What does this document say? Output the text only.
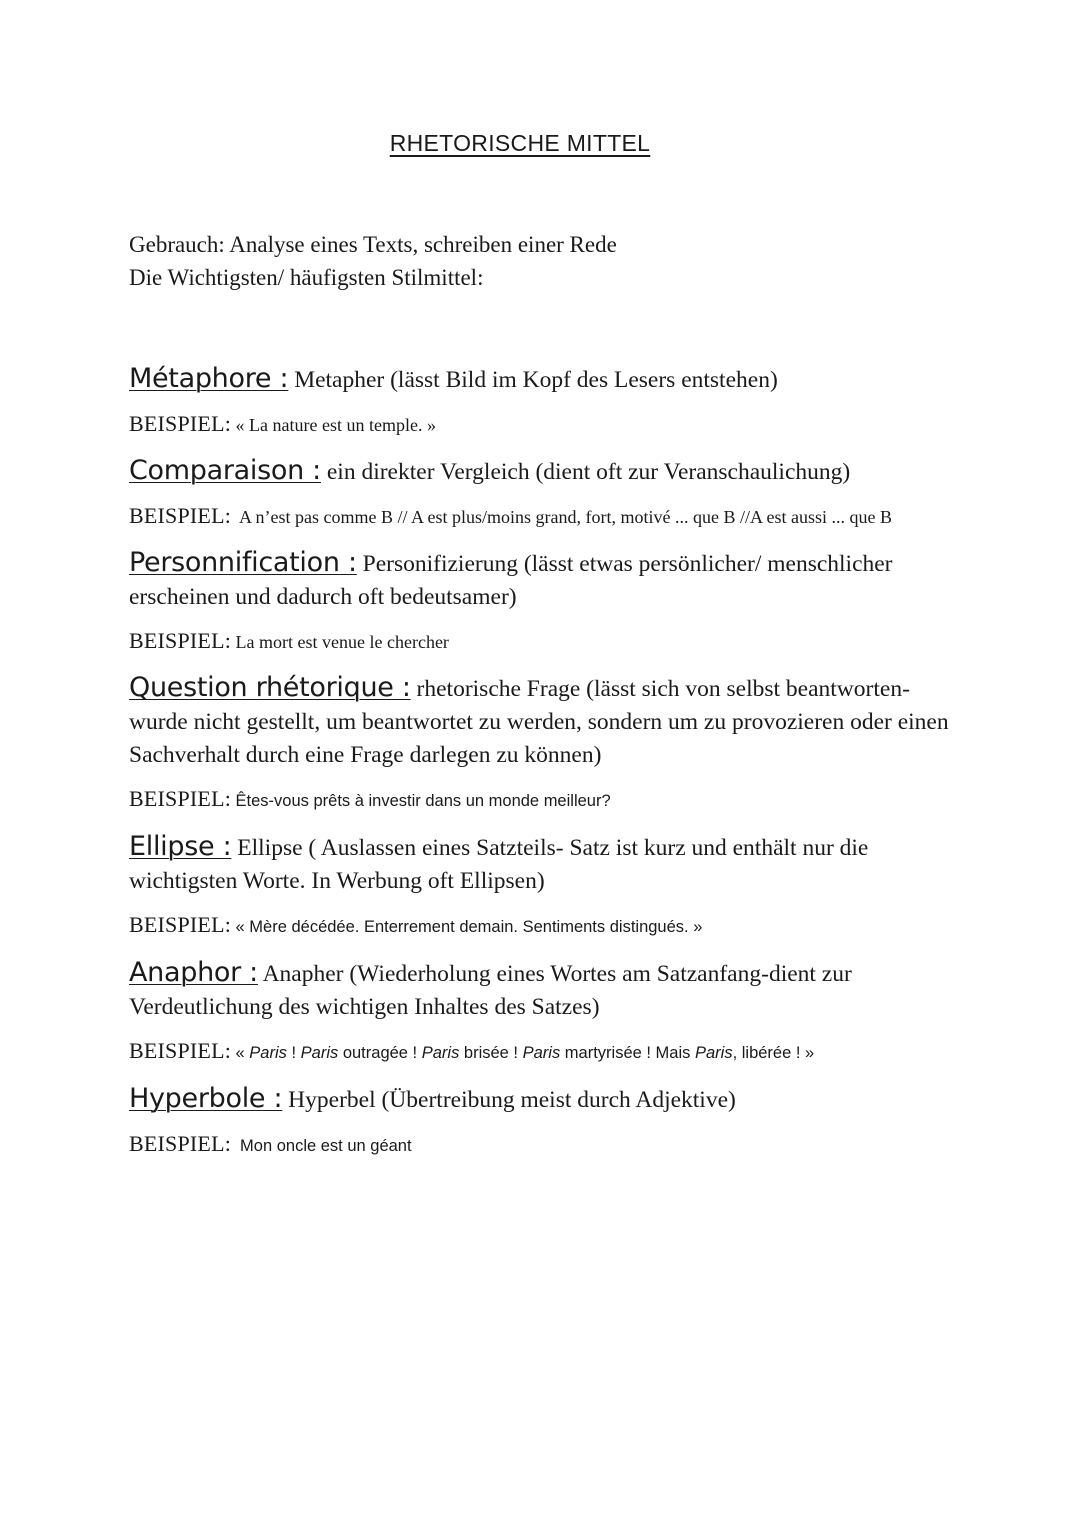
RHETORISCHE MITTEL
Gebrauch: Analyse eines Texts, schreiben einer Rede
Die Wichtigsten/ häufigsten Stilmittel:

Métaphore : Metapher (lässt Bild im Kopf des Lesers entstehen)

BEISPIEL: « La nature est un temple. »

Comparaison : ein direkter Vergleich (dient oft zur Veranschaulichung)

BEISPIEL: A n’est pas comme B // A est plus/moins grand, fort, motivé ... que B //A est aussi ... que B

Personnification : Personifizierung (lässt etwas persönlicher/ menschlicher erscheinen und dadurch oft bedeutsamer)

BEISPIEL: La mort est venue le chercher

Question rhétorique : rhetorische Frage (lässt sich von selbst beantworten- wurde nicht gestellt, um beantwortet zu werden, sondern um zu provozieren oder einen Sachverhalt durch eine Frage darlegen zu können)

BEISPIEL: Êtes-vous prêts à investir dans un monde meilleur?

Ellipse : Ellipse ( Auslassen eines Satzteils- Satz ist kurz und enthält nur die wichtigsten Worte. In Werbung oft Ellipsen)

BEISPIEL: « Mère décédée. Enterrement demain. Sentiments distingués. »

Anaphor : Anapher (Wiederholung eines Wortes am Satzanfang-dient zur Verdeutlichung des wichtigen Inhaltes des Satzes)

BEISPIEL: « Paris ! Paris outragée ! Paris brisée ! Paris martyrisée ! Mais Paris, libérée ! »

Hyperbole : Hyperbel (Übertreibung meist durch Adjektive)

BEISPIEL: Mon oncle est un géant
